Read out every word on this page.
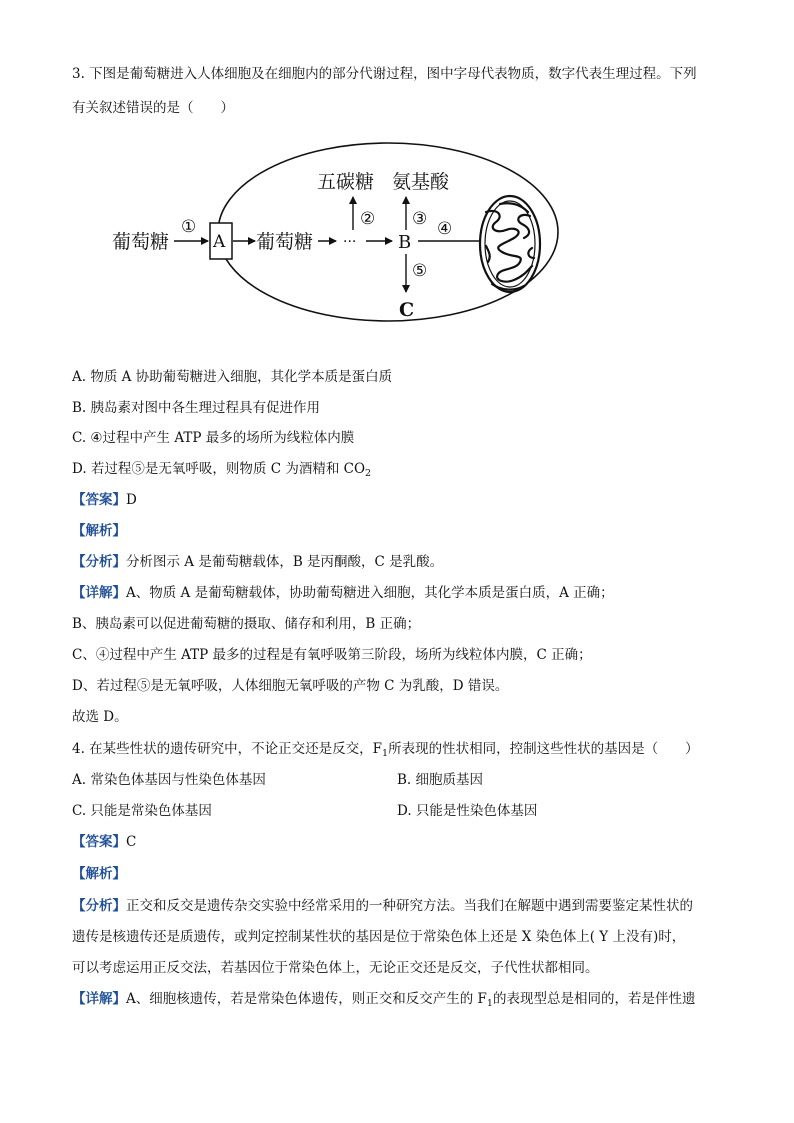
3. 下图是葡萄糖进入人体细胞及在细胞内的部分代谢过程，图中字母代表物质，数字代表生理过程。下列
有关叙述错误的是（　　）
葡萄糖
①
A 葡萄糖 ··· B
五碳糖 氨基酸
② ③ ④
⑤
C
A. 物质 A 协助葡萄糖进入细胞，其化学本质是蛋白质
B. 胰岛素对图中各生理过程具有促进作用
C. ④过程中产生 ATP 最多的场所为线粒体内膜
D. 若过程⑤是无氧呼吸，则物质 C 为酒精和 $CO_2$
【答案】D
【解析】
【分析】分析图示 A 是葡萄糖载体，B 是丙酮酸，C 是乳酸。
【详解】A、物质 A 是葡萄糖载体，协助葡萄糖进入细胞，其化学本质是蛋白质，A 正确；
B、胰岛素可以促进葡萄糖的摄取、储存和利用，B 正确；
C、④过程中产生 ATP 最多的过程是有氧呼吸第三阶段，场所为线粒体内膜，C 正确；
D、若过程⑤是无氧呼吸，人体细胞无氧呼吸的产物 C 为乳酸，D 错误。
故选 D。
4. 在某些性状的遗传研究中，不论正交还是反交，$F_1$所表现的性状相同，控制这些性状的基因是（　　）
A. 常染色体基因与性染色体基因	B. 细胞质基因
C. 只能是常染色体基因	D. 只能是性染色体基因
【答案】C
【解析】
【分析】正交和反交是遗传杂交实验中经常采用的一种研究方法。当我们在解题中遇到需要鉴定某性状的
遗传是核遗传还是质遗传，或判定控制某性状的基因是位于常染色体上还是 X 染色体上( Y 上没有)时，
可以考虑运用正反交法，若基因位于常染色体上，无论正交还是反交，子代性状都相同。
【详解】A、细胞核遗传，若是常染色体遗传，则正交和反交产生的 $F_1$的表现型总是相同的，若是伴性遗
